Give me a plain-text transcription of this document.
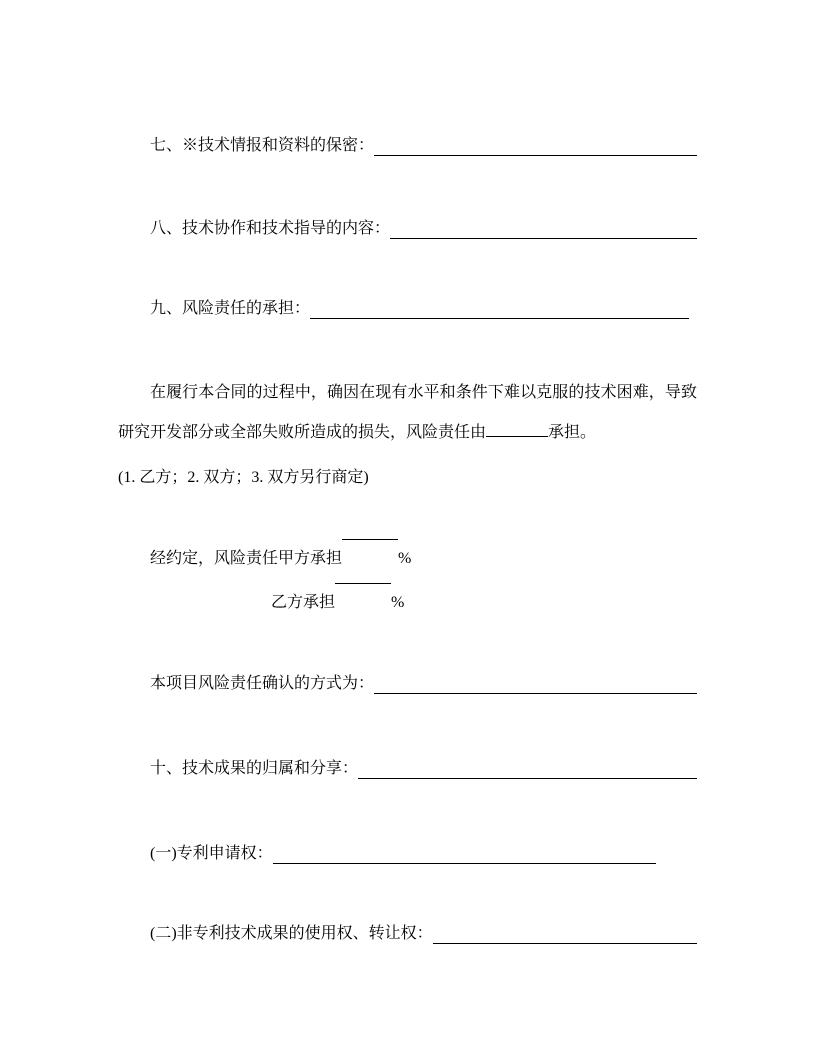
七、※技术情报和资料的保密：
八、技术协作和技术指导的内容：
九、风险责任的承担：

在履行本合同的过程中，确因在现有水平和条件下难以克服的技术困难，导致研究开发部分或全部失败所造成的损失，风险责任由	承担。

(1. 乙方；2. 双方；3. 双方另行商定)
经约定，风险责任甲方承担	%
乙方承担	%
本项目风险责任确认的方式为：
十、技术成果的归属和分享：
(一)专利申请权：
(二)非专利技术成果的使用权、转让权：
